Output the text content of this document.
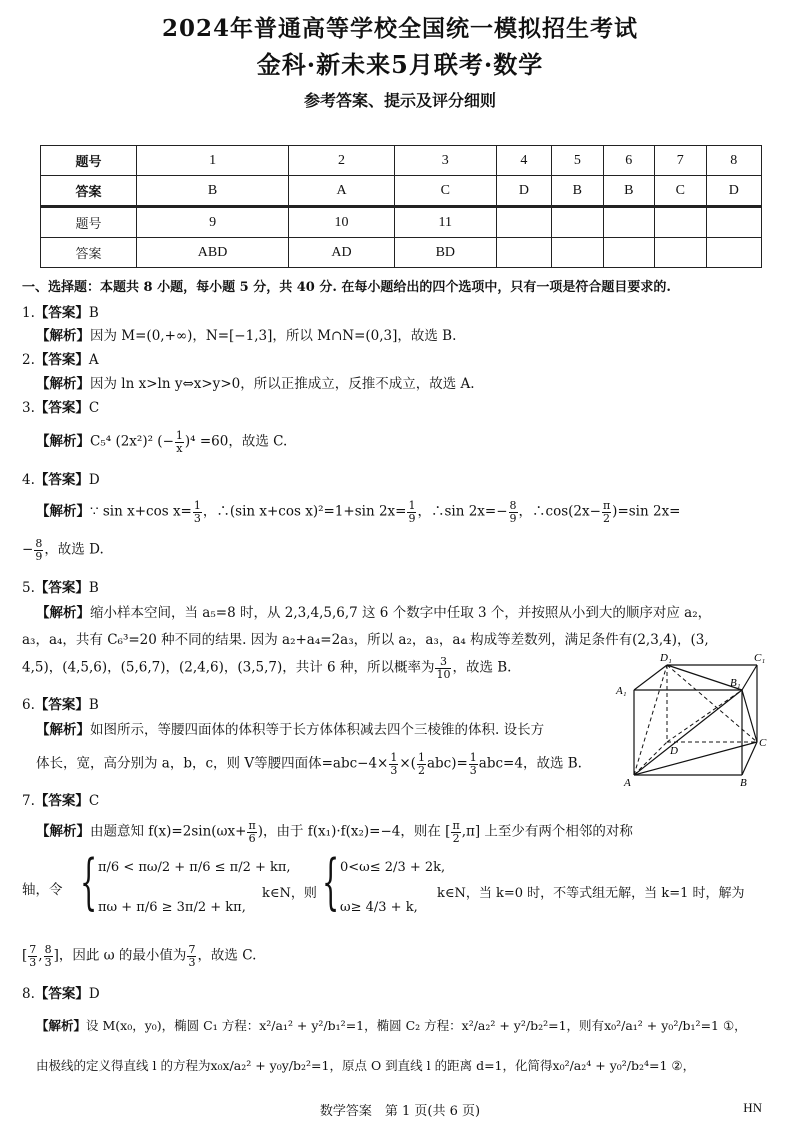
2024年普通高等学校全国统一模拟招生考试
金科·新未来5月联考·数学
参考答案、提示及评分细则
题号	1	2	3	4	5	6	7	8
答案	B	A	C	D	B	B	C	D
题号	9	10	11					
答案	ABD	AD	BD					
一、选择题：本题共 8 小题，每小题 5 分，共 40 分. 在每小题给出的四个选项中，只有一项是符合题目要求的.
1.【答案】B
【解析】因为 M=(0,+∞)，N=[−1,3]，所以 M∩N=(0,3]，故选 B.
2.【答案】A
【解析】因为 ln x>ln y⇔x>y>0，所以正推成立，反推不成立，故选 A.
3.【答案】C
【解析】C₅⁴ (2x²)² (− $\frac{1}{x} )^4 =60$，故选 C.
4.【答案】D
【解析】∵ sin x+cos $x= \frac{1}{3}$ ，∴(sin x+cos x)²=1+sin $2x= \frac{1}{9}$ ，∴sin $2x=- \frac{8}{9}$ ，∴cos(2x− $\frac{\pi}{2} )=\sin$ 2x=
− $\frac{8}{9}$ ，故选 D.
5.【答案】B
【解析】缩小样本空间，当 a₅=8 时，从 2,3,4,5,6,7 这 6 个数字中任取 3 个，并按照从小到大的顺序对应 a₂，
a₃，a₄，共有 C₆³=20 种不同的结果. 因为 a₂+a₄=2a₃，所以 a₂，a₃，a₄ 构成等差数列，满足条件有(2,3,4)，(3,
4,5)，(4,5,6)，(5,6,7)，(2,4,6)，(3,5,7)，共计 6 种，所以概率为 $\frac{3}{10}$ ，故选 B.
D₁	C₁
A₁
B₁
D
C
A	B
6.【答案】B
【解析】如图所示，等腰四面体的体积等于长方体体积减去四个三棱锥的体积. 设长方
体长，宽，高分别为 a，b，c，则 V等腰四面体$=abc-4\times \frac{1}{3}$ ×( $\frac{1}{2} abc)= \frac{1}{3} abc=4$，故选 B.
7.【答案】C
【解析】由题意知 $f(x)=2\sin(\omega x+ \frac{\pi}{6}$ )，由于 f(x₁)·f(x₂)=−4，则在 [ $\frac{\pi}{2} ,\pi$] 上至少有两个相邻的对称
轴，令 { π/6 < πω/2 + π/6 ≤ π/2 + kπ,
πω + π/6 ≥ 3π/2 + kπ,
k∈N，则 { 0<ω≤ 2/3 + 2k,
ω≥ 4/3 + k,
k∈N，当 k=0 时，不等式组无解，当 k=1 时，解为
[ $\frac{7}{3}$ , $\frac{8}{3}$ ]，因此 ω 的最小值为 $\frac{7}{3}$ ，故选 C.
8.【答案】D
【解析】设 M(x₀，y₀)，椭圆 C₁ 方程：x²/a₁² + y²/b₁²=1，椭圆 C₂ 方程：x²/a₂² + y²/b₂²=1，则有x₀²/a₁² + y₀²/b₁²=1 ①，
由极线的定义得直线 l 的方程为x₀x/a₂² + y₀y/b₂²=1，原点 O 到直线 l 的距离 d=1，化简得x₀²/a₂⁴ + y₀²/b₂⁴=1 ②，
数学答案　第 1 页(共 6 页)	HN
